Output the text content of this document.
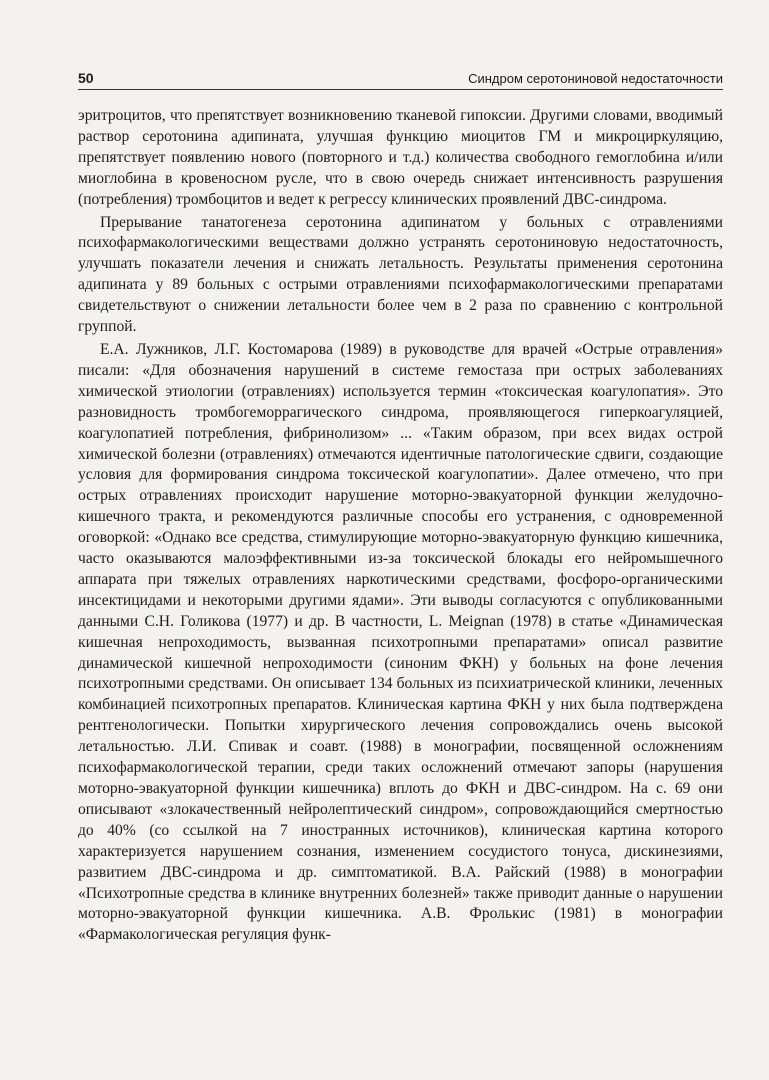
50	Синдром серотониновой недостаточности

эритроцитов, что препятствует возникновению тканевой гипоксии. Другими словами, вводимый раствор серотонина адипината, улучшая функцию миоцитов ГМ и микроциркуляцию, препятствует появлению нового (повторного и т.д.) количества свободного гемоглобина и/или миоглобина в кровеносном русле, что в свою очередь снижает интенсивность разрушения (потребления) тромбоцитов и ведет к регрессу клинических проявлений ДВС-синдрома.

Прерывание танатогенеза серотонина адипинатом у больных с отравлениями психофармакологическими веществами должно устранять серотониновую недостаточность, улучшать показатели лечения и снижать летальность. Результаты применения серотонина адипината у 89 больных с острыми отравлениями психофармакологическими препаратами свидетельствуют о снижении летальности более чем в 2 раза по сравнению с контрольной группой.

Е.А. Лужников, Л.Г. Костомарова (1989) в руководстве для врачей «Острые отравления» писали: «Для обозначения нарушений в системе гемостаза при острых заболеваниях химической этиологии (отравлениях) используется термин «токсическая коагулопатия». Это разновидность тромбогеморрагического синдрома, проявляющегося гиперкоагуляцией, коагулопатией потребления, фибринолизом» ... «Таким образом, при всех видах острой химической болезни (отравлениях) отмечаются идентичные патологические сдвиги, создающие условия для формирования синдрома токсической коагулопатии». Далее отмечено, что при острых отравлениях происходит нарушение моторно-эвакуаторной функции желудочно-кишечного тракта, и рекомендуются различные способы его устранения, с одновременной оговоркой: «Однако все средства, стимулирующие моторно-эвакуаторную функцию кишечника, часто оказываются малоэффективными из-за токсической блокады его нейромышечного аппарата при тяжелых отравлениях наркотическими средствами, фосфоро-органическими инсектицидами и некоторыми другими ядами». Эти выводы согласуются с опубликованными данными С.Н. Голикова (1977) и др. В частности, L. Meignan (1978) в статье «Динамическая кишечная непроходимость, вызванная психотропными препаратами» описал развитие динамической кишечной непроходимости (синоним ФКН) у больных на фоне лечения психотропными средствами. Он описывает 134 больных из психиатрической клиники, леченных комбинацией психотропных препаратов. Клиническая картина ФКН у них была подтверждена рентгенологически. Попытки хирургического лечения сопровождались очень высокой летальностью. Л.И. Спивак и соавт. (1988) в монографии, посвященной осложнениям психофармакологической терапии, среди таких осложнений отмечают запоры (нарушения моторно-эвакуаторной функции кишечника) вплоть до ФКН и ДВС-синдром. На с. 69 они описывают «злокачественный нейролептический синдром», сопровождающийся смертностью до 40% (со ссылкой на 7 иностранных источников), клиническая картина которого характеризуется нарушением сознания, изменением сосудистого тонуса, дискинезиями, развитием ДВС-синдрома и др. симптоматикой. В.А. Райский (1988) в монографии «Психотропные средства в клинике внутренних болезней» также приводит данные о нарушении моторно-эвакуаторной функции кишечника. А.В. Фролькис (1981) в монографии «Фармакологическая регуляция функ-
